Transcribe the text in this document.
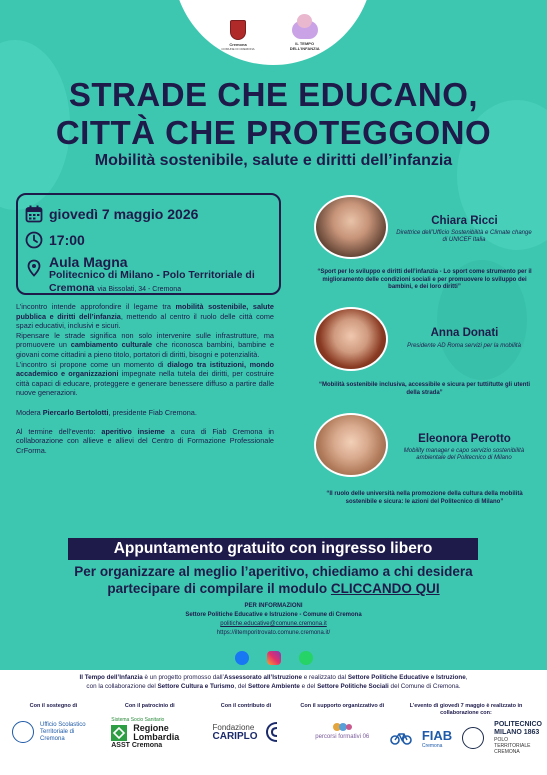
Cremona
COMUNE DI CREMONA
IL TEMPO DELL'INFANZIA
STRADE CHE EDUCANO,
CITTÀ CHE PROTEGGONO
Mobilità sostenibile, salute e diritti dell’infanzia
giovedì 7 maggio 2026
17:00
Aula Magna
Politecnico di Milano - Polo Territoriale di
Cremona via Bissolati, 34 - Cremona

L’incontro intende approfondire il legame tra mobilità sostenibile, salute pubblica e diritti dell’infanzia, mettendo al centro il ruolo delle città come spazi educativi, inclusivi e sicuri.

Ripensare le strade significa non solo intervenire sulle infrastrutture, ma promuovere un cambiamento culturale che riconosca bambini, bambine e giovani come cittadini a pieno titolo, portatori di diritti, bisogni e potenzialità.

L’incontro si propone come un momento di dialogo tra istituzioni, mondo accademico e organizzazioni impegnate nella tutela dei diritti, per costruire città capaci di educare, proteggere e generare benessere diffuso a partire dalle nuove generazioni.

Modera Piercarlo Bertolotti, presidente Fiab Cremona.

Al termine dell’evento: aperitivo insieme a cura di Fiab Cremona in collaborazione con allieve e allievi del Centro di Formazione Professionale CrForma.

Chiara Ricci
Direttrice dell’Ufficio Sostenibilità e Climate change di UNICEF Italia
“Sport per lo sviluppo e diritti dell’infanzia - Lo sport come strumento per il miglioramento delle condizioni sociali e per promuovere lo sviluppo dei bambini, e dei loro diritti”
Anna Donati
Presidente AD Roma servizi per la mobilità
“Mobilità sostenibile inclusiva, accessibile e sicura per tutti/tutte gli utenti della strada”
Eleonora Perotto
Mobility manager e capo servizio sostenibilità ambientale del Politecnico di Milano
“Il ruolo delle università nella promozione della cultura della mobilità sostenibile e sicura: le azioni del Politecnico di Milano”
Appuntamento gratuito con ingresso libero
Per organizzare al meglio l’aperitivo, chiediamo a chi desidera
partecipare di compilare il modulo CLICCANDO QUI
PER INFORMAZIONI
Settore Politiche Educative e Istruzione - Comune di Cremona
politiche.educative@comune.cremona.it
https://iltemporitrovato.comune.cremona.it/
Il Tempo dell’Infanzia è un progetto promosso dall’Assessorato all’Istruzione e realizzato dal Settore Politiche Educative e Istruzione,
con la collaborazione del Settore Cultura e Turismo, del Settore Ambiente e del Settore Politiche Sociali del Comune di Cremona.
Con il sostegno di
Ufficio Scolastico Territoriale di Cremona
Con il patrocinio di
Sistema Socio Sanitario
Regione Lombardia
ASST Cremona
Con il contributo di
Fondazione
CARIPLO
Con il supporto organizzativo di
percorsi formativi 06
L’evento di giovedì 7 maggio è realizzato in collaborazione con:
FIAB
Cremona
POLITECNICO MILANO 1863
POLO TERRITORIALE CREMONA
